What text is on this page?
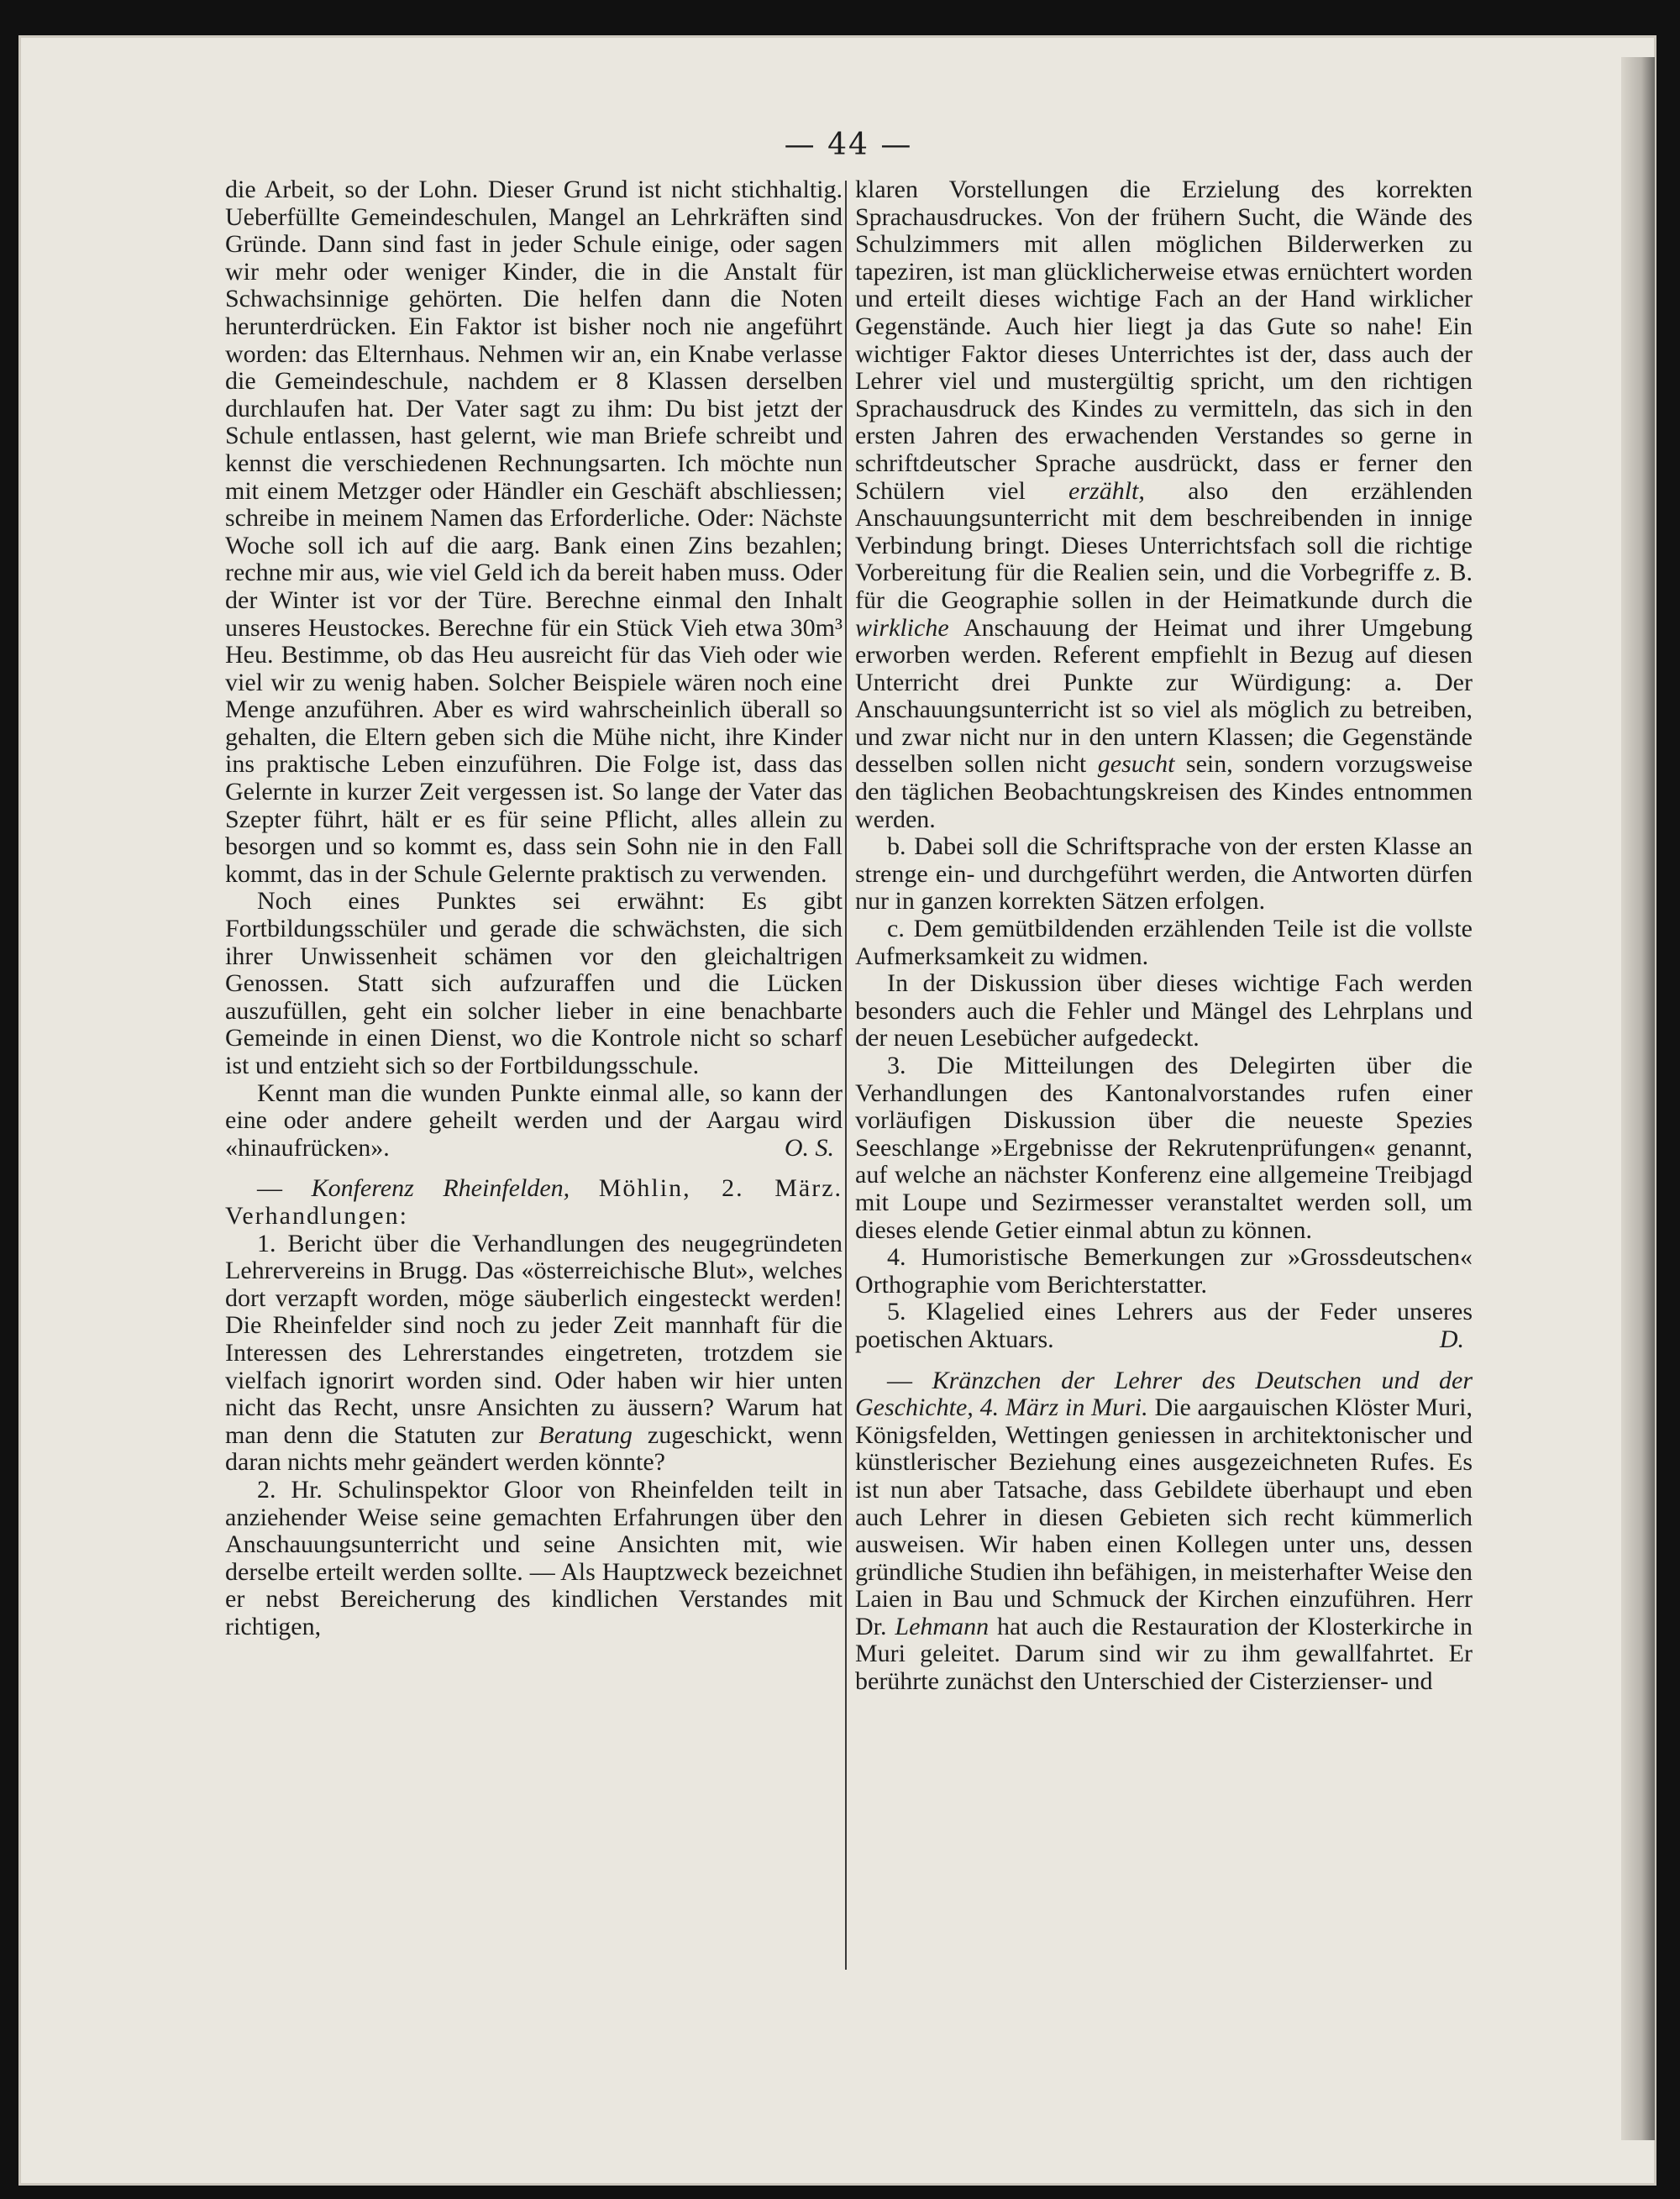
— 44 —

die Arbeit, so der Lohn. Dieser Grund ist nicht stichhaltig. Ueberfüllte Gemeindeschulen, Mangel an Lehrkräften sind Gründe. Dann sind fast in jeder Schule einige, oder sagen wir mehr oder weniger Kinder, die in die Anstalt für Schwachsinnige gehörten. Die helfen dann die Noten herunterdrücken. Ein Faktor ist bisher noch nie angeführt worden: das Elternhaus. Nehmen wir an, ein Knabe verlasse die Gemeindeschule, nachdem er 8 Klassen derselben durchlaufen hat. Der Vater sagt zu ihm: Du bist jetzt der Schule entlassen, hast gelernt, wie man Briefe schreibt und kennst die verschiedenen Rechnungsarten. Ich möchte nun mit einem Metzger oder Händler ein Geschäft abschliessen; schreibe in meinem Namen das Erforderliche. Oder: Nächste Woche soll ich auf die aarg. Bank einen Zins bezahlen; rechne mir aus, wie viel Geld ich da bereit haben muss. Oder der Winter ist vor der Türe. Berechne einmal den Inhalt unseres Heustockes. Berechne für ein Stück Vieh etwa 30m³ Heu. Bestimme, ob das Heu ausreicht für das Vieh oder wie viel wir zu wenig haben. Solcher Beispiele wären noch eine Menge anzuführen. Aber es wird wahrscheinlich überall so gehalten, die Eltern geben sich die Mühe nicht, ihre Kinder ins praktische Leben einzuführen. Die Folge ist, dass das Gelernte in kurzer Zeit vergessen ist. So lange der Vater das Szepter führt, hält er es für seine Pflicht, alles allein zu besorgen und so kommt es, dass sein Sohn nie in den Fall kommt, das in der Schule Gelernte praktisch zu verwenden.

Noch eines Punktes sei erwähnt: Es gibt Fortbildungsschüler und gerade die schwächsten, die sich ihrer Unwissenheit schämen vor den gleichaltrigen Genossen. Statt sich aufzuraffen und die Lücken auszufüllen, geht ein solcher lieber in eine benachbarte Gemeinde in einen Dienst, wo die Kontrole nicht so scharf ist und entzieht sich so der Fortbildungsschule.

Kennt man die wunden Punkte einmal alle, so kann der eine oder andere geheilt werden und der Aargau wird «hinaufrücken».	O. S.

— Konferenz Rheinfelden, Möhlin, 2. März. Verhandlungen:

1. Bericht über die Verhandlungen des neugegründeten Lehrervereins in Brugg. Das «österreichische Blut», welches dort verzapft worden, möge säuberlich eingesteckt werden! Die Rheinfelder sind noch zu jeder Zeit mannhaft für die Interessen des Lehrerstandes eingetreten, trotzdem sie vielfach ignorirt worden sind. Oder haben wir hier unten nicht das Recht, unsre Ansichten zu äussern? Warum hat man denn die Statuten zur Beratung zugeschickt, wenn daran nichts mehr geändert werden könnte?

2. Hr. Schulinspektor Gloor von Rheinfelden teilt in anziehender Weise seine gemachten Erfahrungen über den Anschauungsunterricht und seine Ansichten mit, wie derselbe erteilt werden sollte. — Als Hauptzweck bezeichnet er nebst Bereicherung des kindlichen Verstandes mit richtigen,

klaren Vorstellungen die Erzielung des korrekten Sprachausdruckes. Von der frühern Sucht, die Wände des Schulzimmers mit allen möglichen Bilderwerken zu tapeziren, ist man glücklicherweise etwas ernüchtert worden und erteilt dieses wichtige Fach an der Hand wirklicher Gegenstände. Auch hier liegt ja das Gute so nahe! Ein wichtiger Faktor dieses Unterrichtes ist der, dass auch der Lehrer viel und mustergültig spricht, um den richtigen Sprachausdruck des Kindes zu vermitteln, das sich in den ersten Jahren des erwachenden Verstandes so gerne in schriftdeutscher Sprache ausdrückt, dass er ferner den Schülern viel erzählt, also den erzählenden Anschauungsunterricht mit dem beschreibenden in innige Verbindung bringt. Dieses Unterrichtsfach soll die richtige Vorbereitung für die Realien sein, und die Vorbegriffe z. B. für die Geographie sollen in der Heimatkunde durch die wirkliche Anschauung der Heimat und ihrer Umgebung erworben werden. Referent empfiehlt in Bezug auf diesen Unterricht drei Punkte zur Würdigung: a. Der Anschauungsunterricht ist so viel als möglich zu betreiben, und zwar nicht nur in den untern Klassen; die Gegenstände desselben sollen nicht gesucht sein, sondern vorzugsweise den täglichen Beobachtungskreisen des Kindes entnommen werden.

b. Dabei soll die Schriftsprache von der ersten Klasse an strenge ein- und durchgeführt werden, die Antworten dürfen nur in ganzen korrekten Sätzen erfolgen.

c. Dem gemütbildenden erzählenden Teile ist die vollste Aufmerksamkeit zu widmen.

In der Diskussion über dieses wichtige Fach werden besonders auch die Fehler und Mängel des Lehrplans und der neuen Lesebücher aufgedeckt.

3. Die Mitteilungen des Delegirten über die Verhandlungen des Kantonalvorstandes rufen einer vorläufigen Diskussion über die neueste Spezies Seeschlange »Ergebnisse der Rekrutenprüfungen« genannt, auf welche an nächster Konferenz eine allgemeine Treibjagd mit Loupe und Sezirmesser veranstaltet werden soll, um dieses elende Getier einmal abtun zu können.

4. Humoristische Bemerkungen zur »Grossdeutschen« Orthographie vom Berichterstatter.

5. Klagelied eines Lehrers aus der Feder unseres poetischen Aktuars.	D.

— Kränzchen der Lehrer des Deutschen und der Geschichte, 4. März in Muri. Die aargauischen Klöster Muri, Königsfelden, Wettingen geniessen in architektonischer und künstlerischer Beziehung eines ausgezeichneten Rufes. Es ist nun aber Tatsache, dass Gebildete überhaupt und eben auch Lehrer in diesen Gebieten sich recht kümmerlich ausweisen. Wir haben einen Kollegen unter uns, dessen gründliche Studien ihn befähigen, in meisterhafter Weise den Laien in Bau und Schmuck der Kirchen einzuführen. Herr Dr. Lehmann hat auch die Restauration der Klosterkirche in Muri geleitet. Darum sind wir zu ihm gewallfahrtet. Er berührte zunächst den Unterschied der Cisterzienser- und
